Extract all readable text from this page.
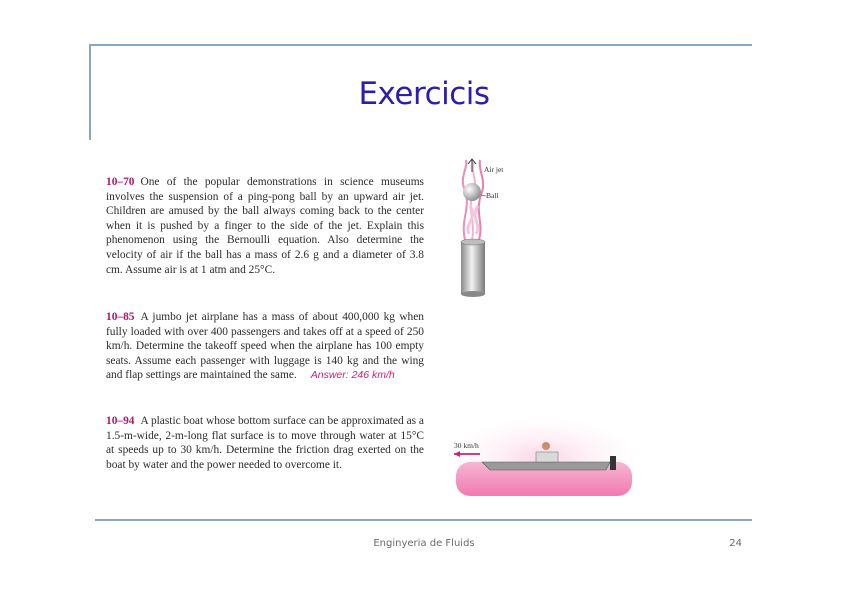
Exercicis
10–70 One of the popular demonstrations in science museums involves the suspension of a ping-pong ball by an upward air jet. Children are amused by the ball always coming back to the center when it is pushed by a finger to the side of the jet. Explain this phenomenon using the Bernoulli equation. Also determine the velocity of air if the ball has a mass of 2.6 g and a diameter of 3.8 cm. Assume air is at 1 atm and 25°C.
10–85 A jumbo jet airplane has a mass of about 400,000 kg when fully loaded with over 400 passengers and takes off at a speed of 250 km/h. Determine the takeoff speed when the airplane has 100 empty seats. Assume each passenger with luggage is 140 kg and the wing and flap settings are maintained the same. Answer: 246 km/h
10–94 A plastic boat whose bottom surface can be approximated as a 1.5-m-wide, 2-m-long flat surface is to move through water at 15°C at speeds up to 30 km/h. Determine the friction drag exerted on the boat by water and the power needed to overcome it.
Air jet
Ball
30 km/h
Enginyeria de Fluids	24
